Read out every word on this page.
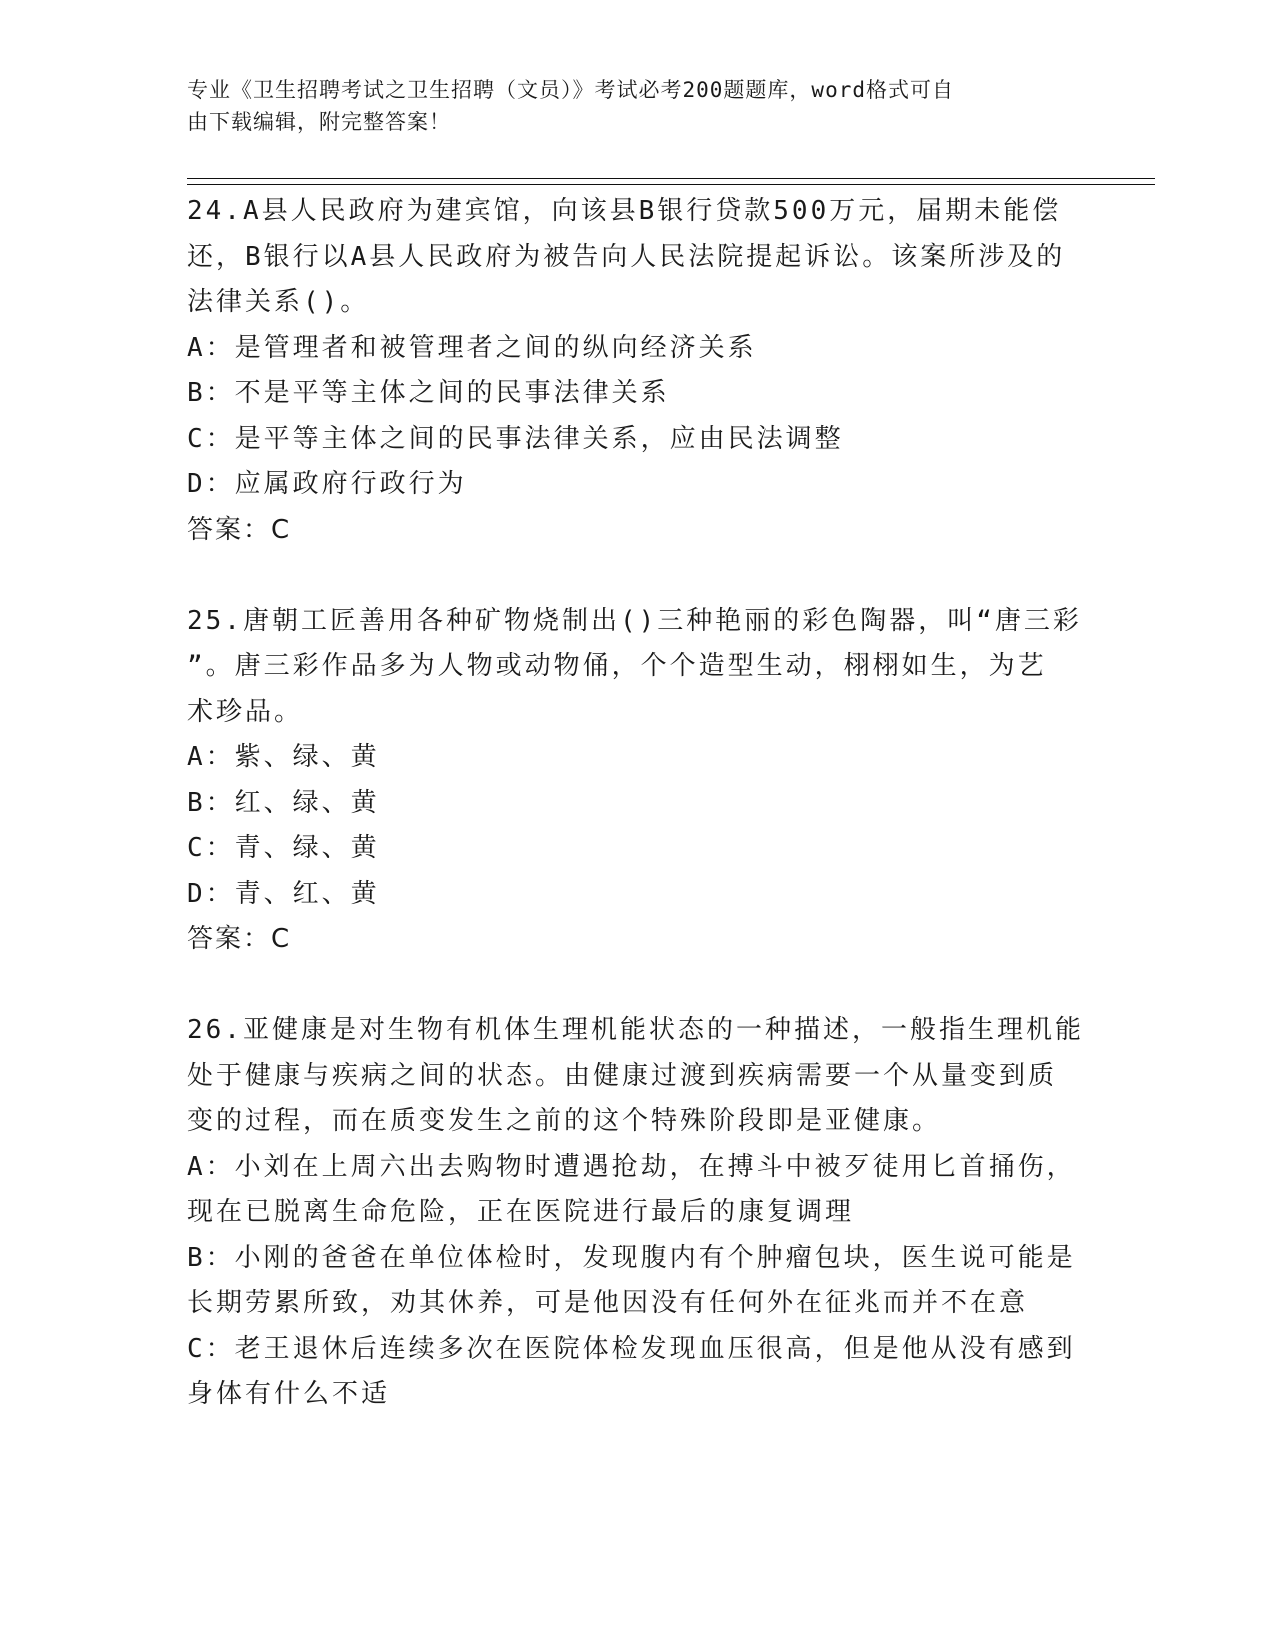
专业《卫生招聘考试之卫生招聘（文员）》考试必考200题题库，word格式可自
由下载编辑，附完整答案！
24.A县人民政府为建宾馆，向该县B银行贷款500万元，届期未能偿
还，B银行以A县人民政府为被告向人民法院提起诉讼。该案所涉及的
法律关系()。
A：是管理者和被管理者之间的纵向经济关系
B：不是平等主体之间的民事法律关系
C：是平等主体之间的民事法律关系，应由民法调整
D：应属政府行政行为
答案：C
25.唐朝工匠善用各种矿物烧制出()三种艳丽的彩色陶器，叫“唐三彩
”。唐三彩作品多为人物或动物俑，个个造型生动，栩栩如生，为艺
术珍品。
A：紫、绿、黄
B：红、绿、黄
C：青、绿、黄
D：青、红、黄
答案：C
26.亚健康是对生物有机体生理机能状态的一种描述，一般指生理机能
处于健康与疾病之间的状态。由健康过渡到疾病需要一个从量变到质
变的过程，而在质变发生之前的这个特殊阶段即是亚健康。
A：小刘在上周六出去购物时遭遇抢劫，在搏斗中被歹徒用匕首捅伤，
现在已脱离生命危险，正在医院进行最后的康复调理
B：小刚的爸爸在单位体检时，发现腹内有个肿瘤包块，医生说可能是
长期劳累所致，劝其休养，可是他因没有任何外在征兆而并不在意
C：老王退休后连续多次在医院体检发现血压很高，但是他从没有感到
身体有什么不适
